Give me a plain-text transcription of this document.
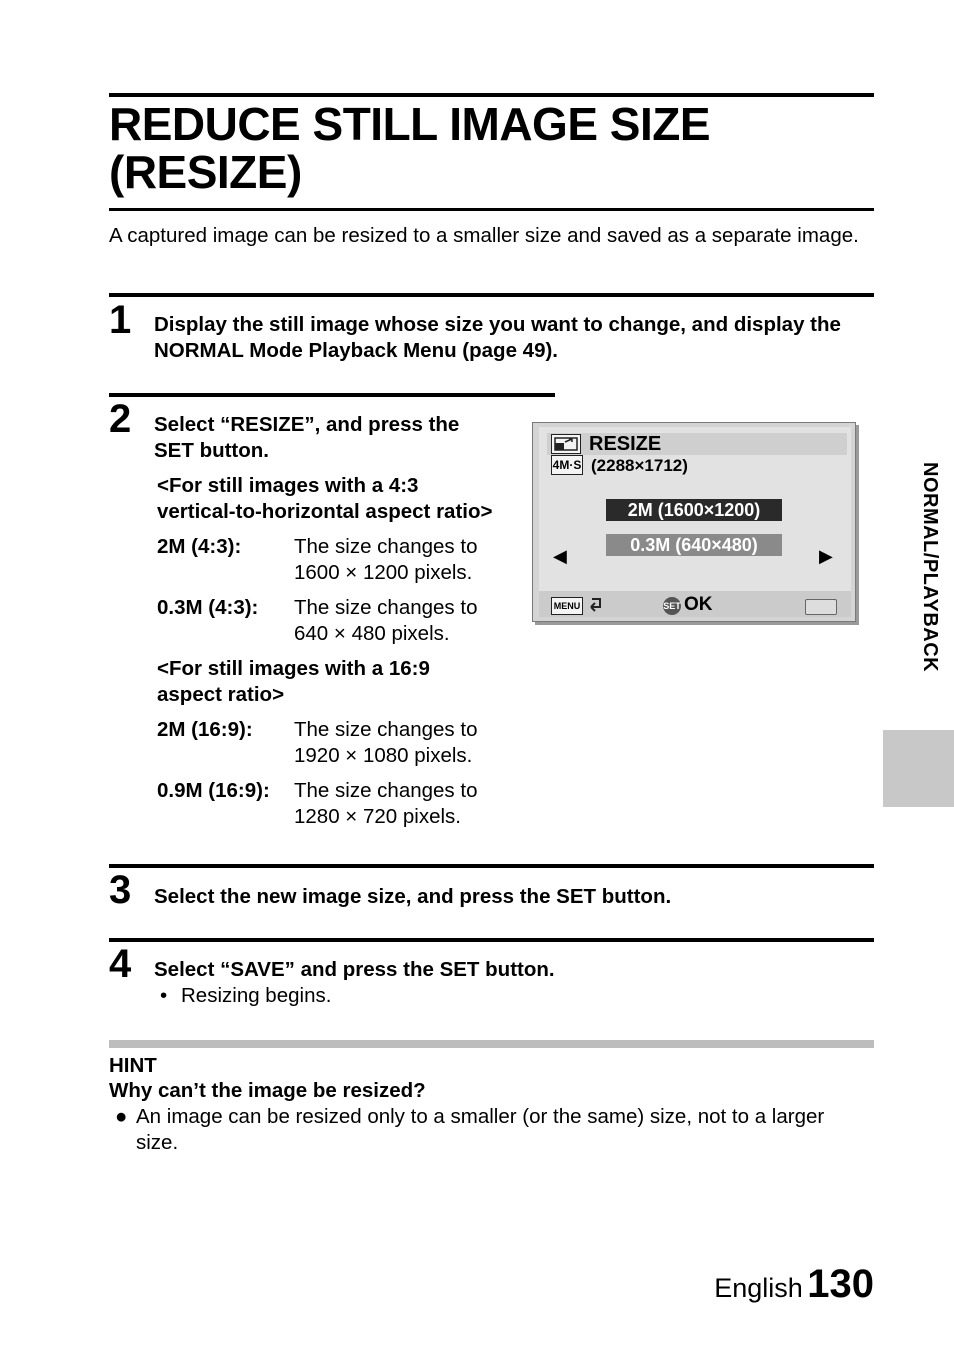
REDUCE STILL IMAGE SIZE
(RESIZE)
A captured image can be resized to a smaller size and saved as a separate image.
1 Display the still image whose size you want to change, and display the NORMAL Mode Playback Menu (page 49).
2 Select “RESIZE”, and press the
SET button.
<For still images with a 4:3
vertical-to-horizontal aspect ratio>
2M (4:3):	The size changes to
1600 × 1200 pixels.
0.3M (4:3): The size changes to
640 × 480 pixels.
<For still images with a 16:9
aspect ratio>
2M (16:9): The size changes to
1920 × 1080 pixels.
0.9M (16:9): The size changes to
1280 × 720 pixels.
RESIZE
4M·S (2288×1712)
2M (1600×1200)
0.3M (640×480)
◀	▶
MENU	SET OK
3 Select the new image size, and press the SET button.
4 Select “SAVE” and press the SET button.
• Resizing begins.
HINT
Why can’t the image be resized?
● An image can be resized only to a smaller (or the same) size, not to a larger size.
NORMAL/PLAYBACK
English 130
